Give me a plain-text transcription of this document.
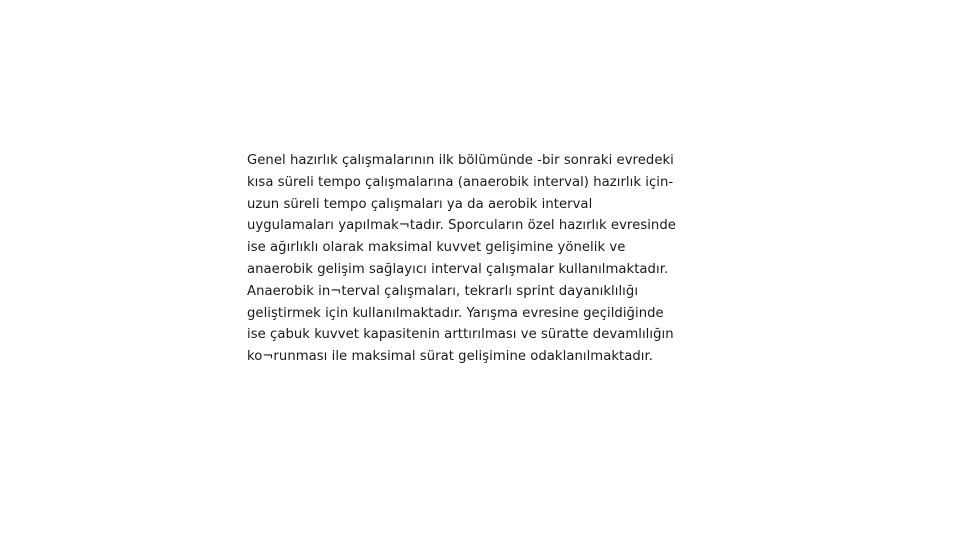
Genel hazırlık çalışmalarının ilk bölümünde -bir sonraki evredeki
kısa süreli tempo çalışmalarına (anaerobik interval) hazırlık için-
uzun süreli tempo çalışmaları ya da aerobik interval
uygulamaları yapılmak¬tadır. Sporcuların özel hazırlık evresinde
ise ağırlıklı olarak maksimal kuvvet gelişimine yönelik ve
anaerobik gelişim sağlayıcı interval çalışmalar kullanılmaktadır.
Anaerobik in¬terval çalışmaları, tekrarlı sprint dayanıklılığı
geliştirmek için kullanılmaktadır. Yarışma evresine geçildiğinde
ise çabuk kuvvet kapasitenin arttırılması ve süratte devamlılığın
ko¬runması ile maksimal sürat gelişimine odaklanılmaktadır.
